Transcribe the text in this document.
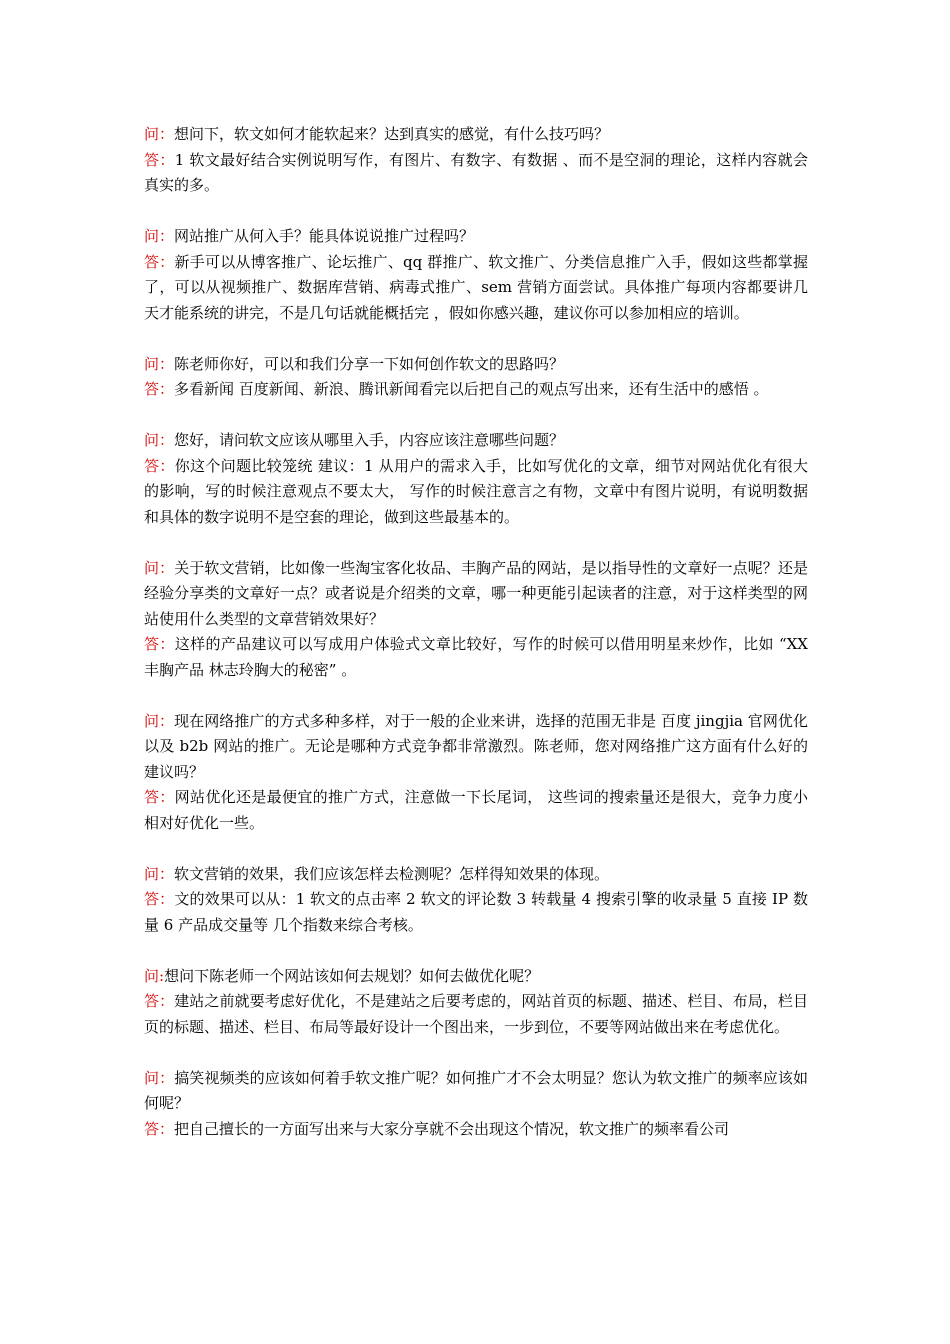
问：想问下，软文如何才能软起来？达到真实的感觉，有什么技巧吗？

答：1 软文最好结合实例说明写作，有图片、有数字、有数据 、而不是空洞的理论，这样内容就会真实的多。

问：网站推广从何入手？能具体说说推广过程吗？

答：新手可以从博客推广、论坛推广、qq 群推广、软文推广、分类信息推广入手，假如这些都掌握了，可以从视频推广、数据库营销、病毒式推广、sem 营销方面尝试。具体推广每项内容都要讲几天才能系统的讲完，不是几句话就能概括完 ，假如你感兴趣，建议你可以参加相应的培训。

问：陈老师你好，可以和我们分享一下如何创作软文的思路吗？

答：多看新闻 百度新闻、新浪、腾讯新闻看完以后把自己的观点写出来，还有生活中的感悟 。

问：您好，请问软文应该从哪里入手，内容应该注意哪些问题？

答：你这个问题比较笼统 建议：1 从用户的需求入手，比如写优化的文章，细节对网站优化有很大的影响，写的时候注意观点不要太大， 写作的时候注意言之有物，文章中有图片说明，有说明数据和具体的数字说明不是空套的理论，做到这些最基本的。

问：关于软文营销，比如像一些淘宝客化妆品、丰胸产品的网站，是以指导性的文章好一点呢？还是经验分享类的文章好一点？或者说是介绍类的文章，哪一种更能引起读者的注意，对于这样类型的网站使用什么类型的文章营销效果好？

答：这样的产品建议可以写成用户体验式文章比较好，写作的时候可以借用明星来炒作，比如 “XX 丰胸产品 林志玲胸大的秘密” 。

问：现在网络推广的方式多种多样，对于一般的企业来讲，选择的范围无非是 百度 jingjia 官网优化以及 b2b 网站的推广。无论是哪种方式竞争都非常激烈。陈老师，您对网络推广这方面有什么好的建议吗？

答：网站优化还是最便宜的推广方式，注意做一下长尾词， 这些词的搜索量还是很大，竞争力度小 相对好优化一些。

问：软文营销的效果，我们应该怎样去检测呢？怎样得知效果的体现。

答：文的效果可以从：1 软文的点击率 2 软文的评论数 3 转载量 4 搜索引擎的收录量 5 直接 IP 数量 6 产品成交量等 几个指数来综合考核。

问:想问下陈老师一个网站该如何去规划？如何去做优化呢？

答：建站之前就要考虑好优化，不是建站之后要考虑的，网站首页的标题、描述、栏目、布局，栏目页的标题、描述、栏目、布局等最好设计一个图出来，一步到位，不要等网站做出来在考虑优化。

问：搞笑视频类的应该如何着手软文推广呢？如何推广才不会太明显？您认为软文推广的频率应该如何呢？

答：把自己擅长的一方面写出来与大家分享就不会出现这个情况，软文推广的频率看公司
